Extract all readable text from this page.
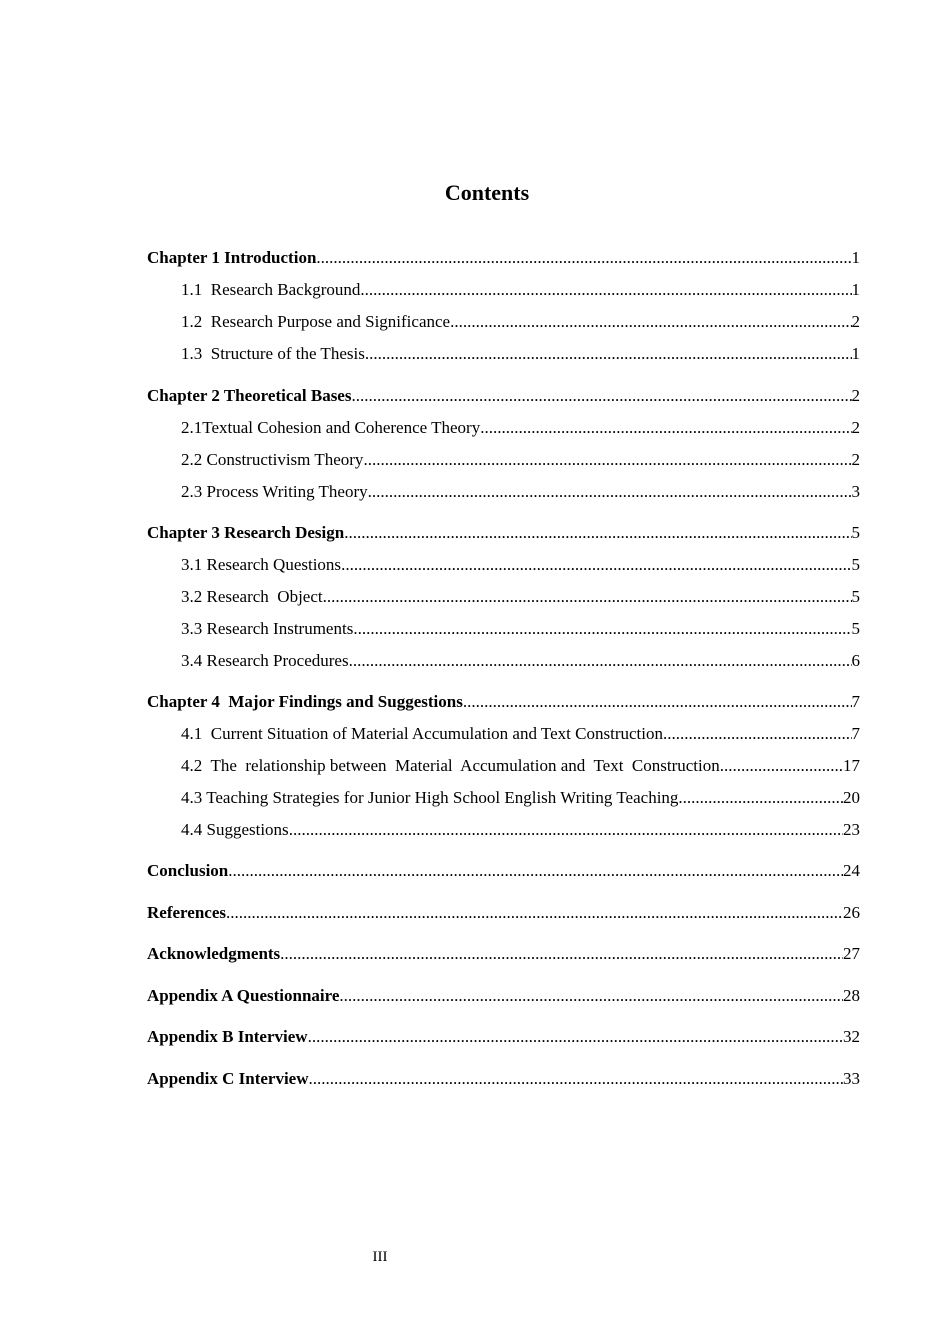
Contents
Chapter 1 Introduction .....	1
1.1  Research Background .....	1
1.2  Research Purpose and Significance .....	2
1.3  Structure of the Thesis .....	1
Chapter 2 Theoretical Bases .....	2
2.1Textual Cohesion and Coherence Theory .....	2
2.2 Constructivism Theory .....	2
2.3 Process Writing Theory .....	3
Chapter 3 Research Design .....	5
3.1 Research Questions .....	5
3.2 Research  Object .....	5
3.3 Research Instruments .....	5
3.4 Research Procedures .....	6
Chapter 4  Major Findings and Suggestions .....	7
4.1  Current Situation of Material Accumulation and Text Construction .....	7
4.2  The  relationship between  Material  Accumulation and  Text  Construction .....	17
4.3 Teaching Strategies for Junior High School English Writing Teaching .....	20
4.4 Suggestions .....	23
Conclusion .....	24
References .....	26
Acknowledgments .....	27
Appendix A Questionnaire .....	28
Appendix B Interview .....	32
Appendix C Interview .....	33
III
